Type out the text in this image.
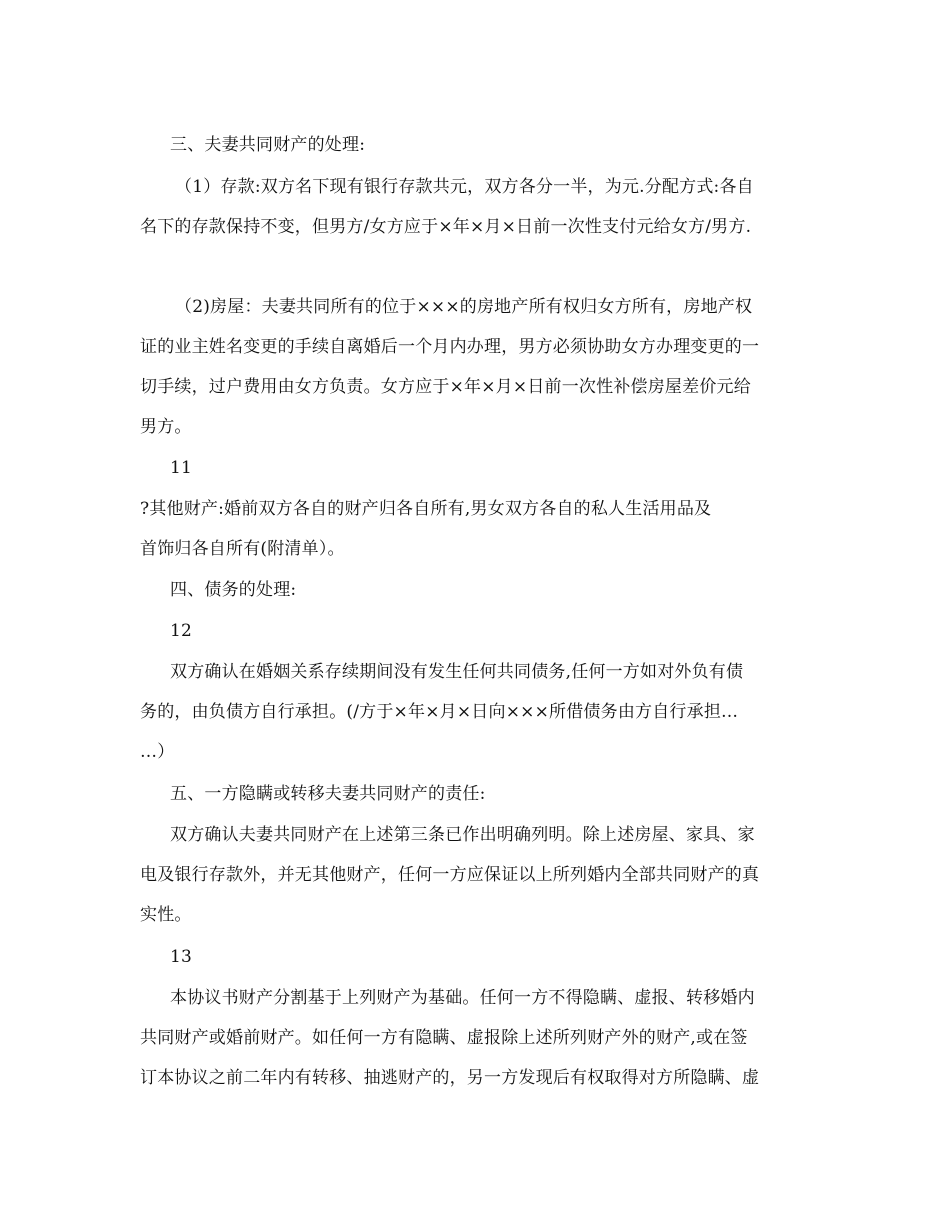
三、夫妻共同财产的处理:
（1）存款:双方名下现有银行存款共元，双方各分一半，为元.分配方式:各自
名下的存款保持不变，但男方/女方应于×年×月×日前一次性支付元给女方/男方.
（2)房屋：夫妻共同所有的位于×××的房地产所有权归女方所有，房地产权
证的业主姓名变更的手续自离婚后一个月内办理，男方必须协助女方办理变更的一
切手续，过户费用由女方负责。女方应于×年×月×日前一次性补偿房屋差价元给
男方。
11
?其他财产:婚前双方各自的财产归各自所有,男女双方各自的私人生活用品及
首饰归各自所有(附清单）。
四、债务的处理:
12
双方确认在婚姻关系存续期间没有发生任何共同债务,任何一方如对外负有债
务的，由负债方自行承担。(/方于×年×月×日向×××所借债务由方自行承担…
…）
五、一方隐瞒或转移夫妻共同财产的责任:
双方确认夫妻共同财产在上述第三条已作出明确列明。除上述房屋、家具、家
电及银行存款外，并无其他财产，任何一方应保证以上所列婚内全部共同财产的真
实性。
13
本协议书财产分割基于上列财产为基础。任何一方不得隐瞒、虚报、转移婚内
共同财产或婚前财产。如任何一方有隐瞒、虚报除上述所列财产外的财产,或在签
订本协议之前二年内有转移、抽逃财产的，另一方发现后有权取得对方所隐瞒、虚
